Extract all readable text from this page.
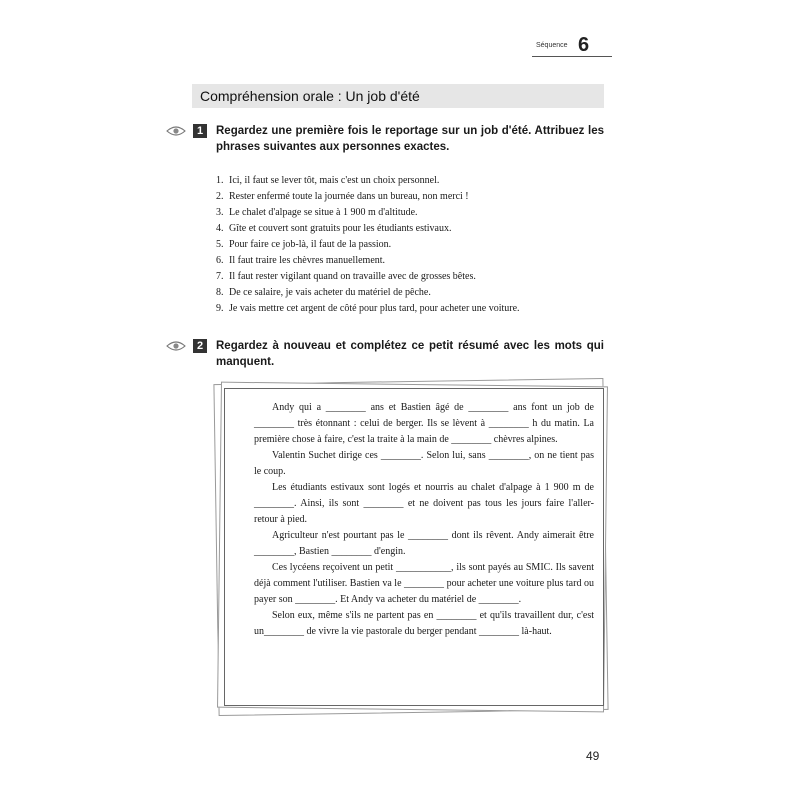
Séquence 6
Compréhension orale : Un job d'été
1	Regardez une première fois le reportage sur un job d'été. Attribuez les phrases suivantes aux personnes exactes.
1. Ici, il faut se lever tôt, mais c'est un choix personnel.
2. Rester enfermé toute la journée dans un bureau, non merci !
3. Le chalet d'alpage se situe à 1 900 m d'altitude.
4. Gîte et couvert sont gratuits pour les étudiants estivaux.
5. Pour faire ce job-là, il faut de la passion.
6. Il faut traire les chèvres manuellement.
7. Il faut rester vigilant quand on travaille avec de grosses bêtes.
8. De ce salaire, je vais acheter du matériel de pêche.
9. Je vais mettre cet argent de côté pour plus tard, pour acheter une voiture.
2	Regardez à nouveau et complétez ce petit résumé avec les mots qui manquent.

Andy qui a ________ ans et Bastien âgé de ________ ans font un job de ________ très étonnant : celui de berger. Ils se lèvent à ________ h du matin. La première chose à faire, c'est la traite à la main de ________ chèvres alpines.

Valentin Suchet dirige ces ________. Selon lui, sans ________, on ne tient pas le coup.

Les étudiants estivaux sont logés et nourris au chalet d'alpage à 1 900 m de ________. Ainsi, ils sont ________ et ne doivent pas tous les jours faire l'aller-retour à pied.

Agriculteur n'est pourtant pas le ________ dont ils rêvent. Andy aimerait être ________, Bastien ________ d'engin.

Ces lycéens reçoivent un petit ___________, ils sont payés au SMIC. Ils savent déjà comment l'utiliser. Bastien va le ________ pour acheter une voiture plus tard ou payer son ________. Et Andy va acheter du matériel de ________.

Selon eux, même s'ils ne partent pas en ________ et qu'ils travaillent dur, c'est un________ de vivre la vie pastorale du berger pendant ________ là-haut.

49
